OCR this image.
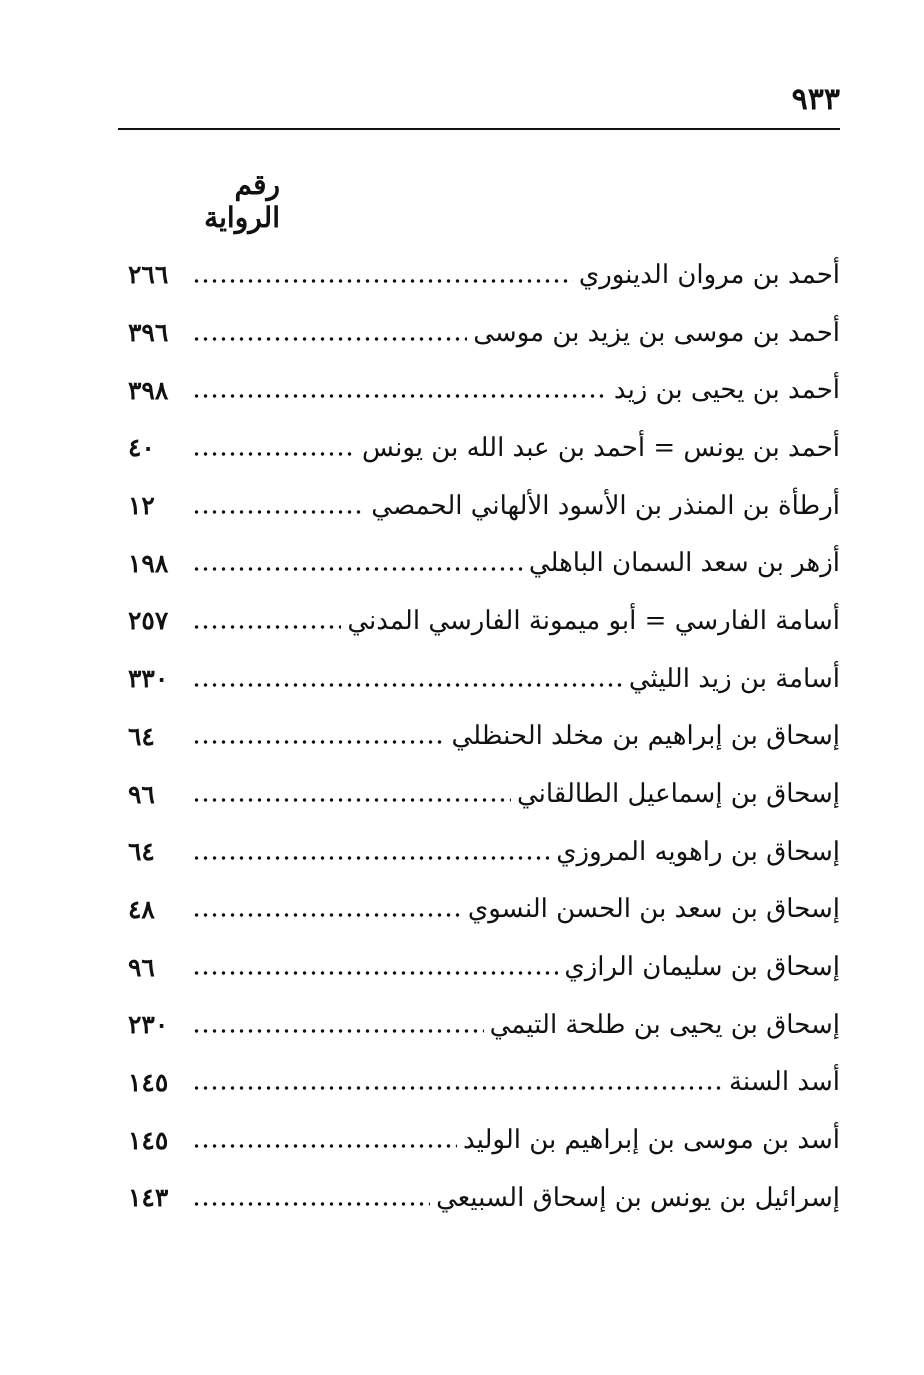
٩٣٣
رقم الرواية
أحمد بن مروان الدينوري
٢٦٦
أحمد بن موسى بن يزيد بن موسى
٣٩٦
أحمد بن يحيى بن زيد
٣٩٨
أحمد بن يونس = أحمد بن عبد الله بن يونس
٤٠
أرطأة بن المنذر بن الأسود الألهاني الحمصي
١٢
أزهر بن سعد السمان الباهلي
١٩٨
أسامة الفارسي = أبو ميمونة الفارسي المدني
٢٥٧
أسامة بن زيد الليثي
٣٣٠
إسحاق بن إبراهيم بن مخلد الحنظلي
٦٤
إسحاق بن إسماعيل الطالقاني
٩٦
إسحاق بن راهويه المروزي
٦٤
إسحاق بن سعد بن الحسن النسوي
٤٨
إسحاق بن سليمان الرازي
٩٦
إسحاق بن يحيى بن طلحة التيمي
٢٣٠
أسد السنة
١٤٥
أسد بن موسى بن إبراهيم بن الوليد
١٤٥
إسرائيل بن يونس بن إسحاق السبيعي
١٤٣
